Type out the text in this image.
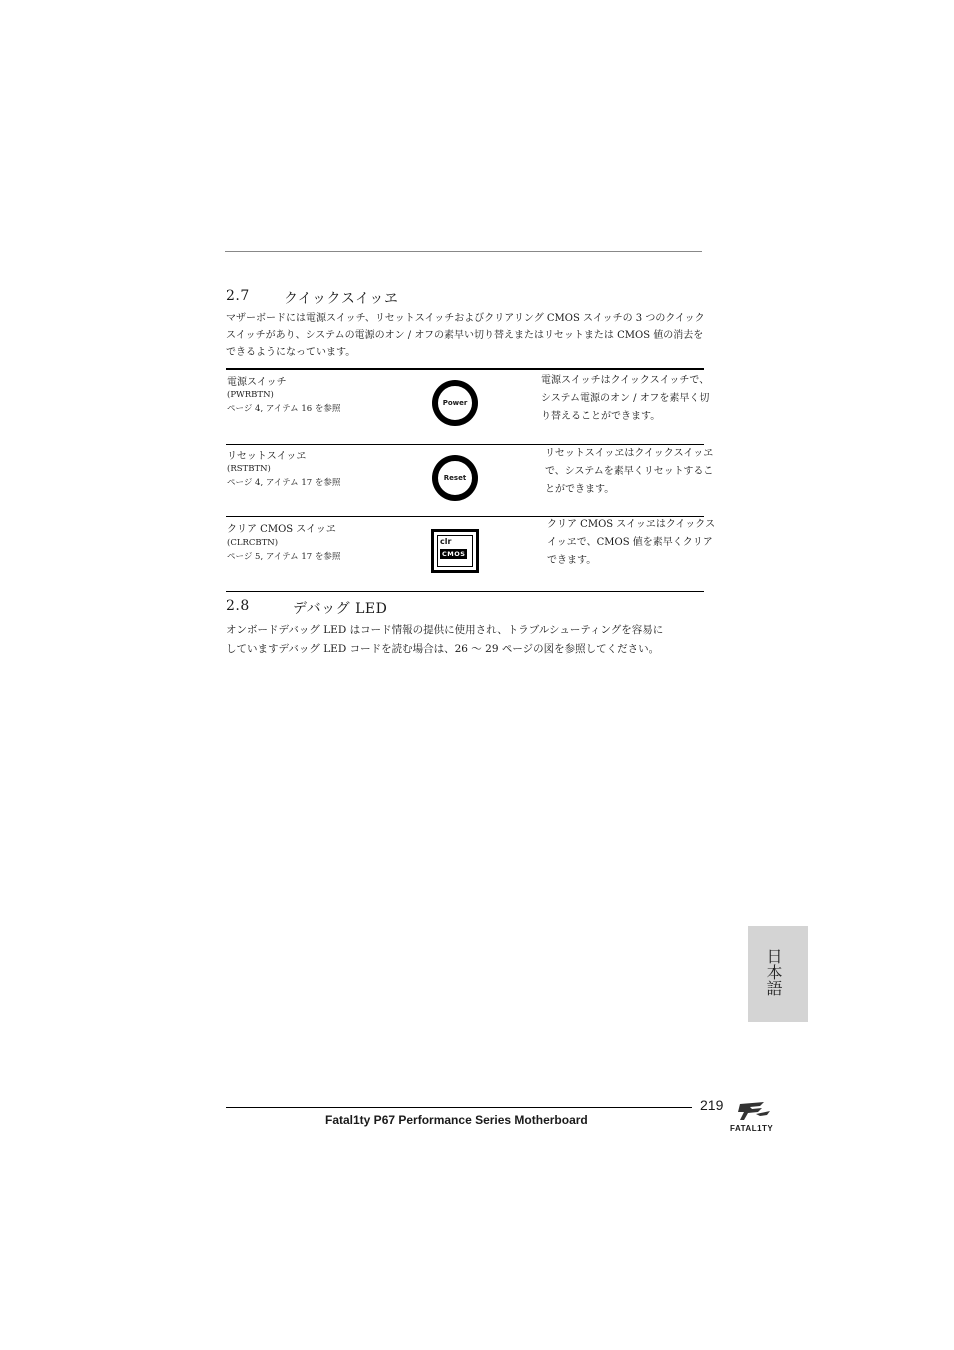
2.7 クイックスイッヱ
マザーボードには電源スイッチ、リセットスイッチおよびクリアリング CMOS スイッチの 3 つのクイックスイッチがあり、システムの電源のオン / オフの素早い切り替えまたはリセットまたは CMOS 値の消去をできるようになっています。
電源スイッチ
(PWRBTN)
ページ 4, アイテム 16 を参照
Power
電源スイッチはクイックスイッチで、
システム電源のオン / オフを素早く切
り替えることができます。
リセットスイッヱ
(RSTBTN)
ページ 4, アイテム 17 を参照	Reset
リセットスイッヱはクイックスイッヱ
で、システムを素早くリセットするこ
とができます。
クリア CMOS スイッヱ
(CLRCBTN)
ページ 5, アイテム 17 を参照
clr
CMOS
クリア CMOS スイッヱはクイックス
イッヱで、CMOS 値を素早くクリア
できます。
2.8	デバッグ LED
オンボードデバッグ LED はコード情報の提供に使用され、トラブルシューティングを容易に
していますデバッグ LED コードを読む場合は、26 〜 29 ページの図を参照してください。
日本語
219
Fatal1ty P67 Performance Series Motherboard
FATAL1TY
